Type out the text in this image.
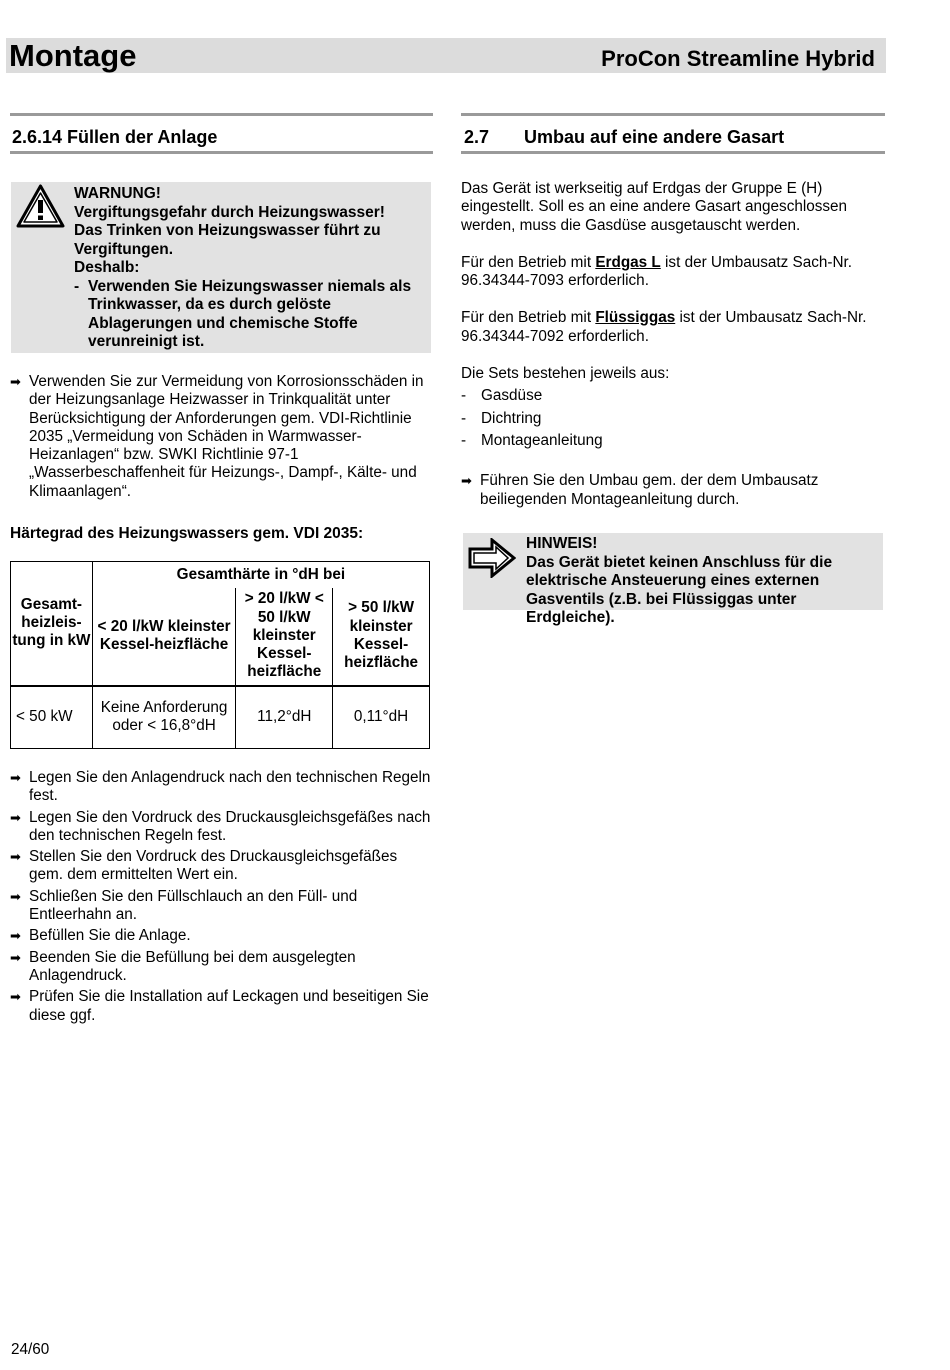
Montage	ProCon Streamline Hybrid
2.6.14 Füllen der Anlage	2.7 Umbau auf eine andere Gasart
WARNUNG!
Vergiftungsgefahr durch Heizungswasser!
Das Trinken von Heizungswasser führt zu Vergiftungen.
Deshalb:
- Verwenden Sie Heizungswasser niemals als Trinkwasser, da es durch gelöste Ablagerungen und chemische Stoffe verunreinigt ist.
➡ Verwenden Sie zur Vermeidung von Korrosionsschäden in der Heizungsanlage Heizwasser in Trinkqualität unter Berücksichtigung der Anforderungen gem. VDI-Richtlinie 2035 „Vermeidung von Schäden in Warmwasser-Heizanlagen“ bzw. SWKI Richtlinie 97-1 „Wasserbeschaffenheit für Heizungs-, Dampf-, Kälte- und Klimaanlagen“.
Härtegrad des Heizungswassers gem. VDI 2035:
Gesamt-heizleis-tung in kW	Gesamthärte in °dH bei		
	< 20 l/kW kleinster Kessel-heizfläche	> 20 l/kW < 50 l/kW kleinster Kessel-heizfläche	> 50 l/kW kleinster Kessel-heizfläche
< 50 kW	Keine Anforderung oder < 16,8°dH	11,2°dH	0,11°dH
➡ Legen Sie den Anlagendruck nach den technischen Regeln fest.
➡ Legen Sie den Vordruck des Druckausgleichsgefäßes nach den technischen Regeln fest.
➡ Stellen Sie den Vordruck des Druckausgleichsgefäßes gem. dem ermittelten Wert ein.
➡ Schließen Sie den Füllschlauch an den Füll- und Entleerhahn an.
➡ Befüllen Sie die Anlage.
➡ Beenden Sie die Befüllung bei dem ausgelegten Anlagendruck.
➡ Prüfen Sie die Installation auf Leckagen und beseitigen Sie diese ggf.

Das Gerät ist werkseitig auf Erdgas der Gruppe E (H) eingestellt. Soll es an eine andere Gasart angeschlossen werden, muss die Gasdüse ausgetauscht werden.

Für den Betrieb mit Erdgas L ist der Umbausatz Sach-Nr. 96.34344-7093 erforderlich.

Für den Betrieb mit Flüssiggas ist der Umbausatz Sach-Nr. 96.34344-7092 erforderlich.

Die Sets bestehen jeweils aus:

- Gasdüse
- Dichtring
- Montageanleitung
➡ Führen Sie den Umbau gem. der dem Umbausatz beiliegenden Montageanleitung durch.
HINWEIS!
Das Gerät bietet keinen Anschluss für die elektrische Ansteuerung eines externen Gasventils (z.B. bei Flüssiggas unter Erdgleiche).
24/60
